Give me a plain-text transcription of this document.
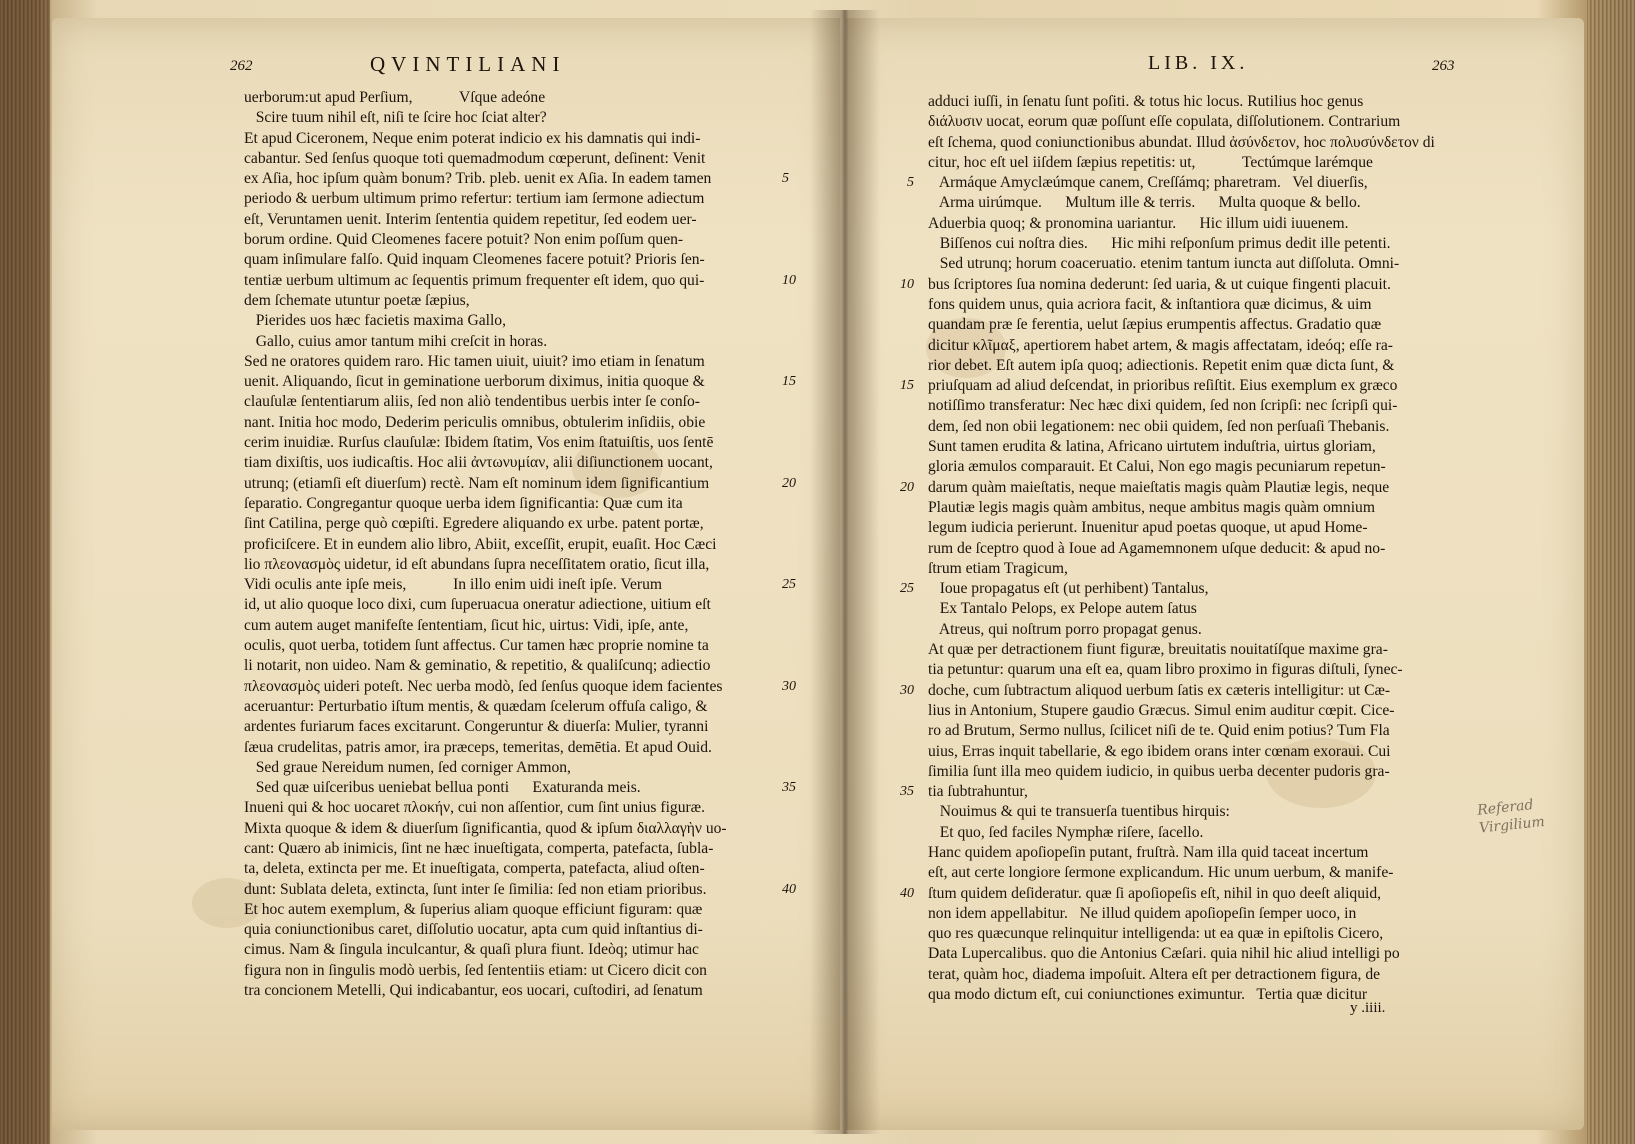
262	QVINTILIANI	LIB. IX.	263
uerborum:ut apud Perſium,            Vſque adeóne
Scire tuum nihil eſt, niſi te ſcire hoc ſciat alter?
Et apud Ciceronem, Neque enim poterat indicio ex his damnatis qui indi-
cabantur. Sed ſenſus quoque toti quemadmodum cœperunt, deſinent: Venit
ex Aſia, hoc ipſum quàm bonum? Trib. pleb. uenit ex Aſia. In eadem tamen	5
periodo & uerbum ultimum primo refertur: tertium iam ſermone adiectum
eſt, Veruntamen uenit. Interim ſententia quidem repetitur, ſed eodem uer-
borum ordine. Quid Cleomenes facere potuit? Non enim poſſum quen-
quam inſimulare falſo. Quid inquam Cleomenes facere potuit? Prioris ſen-
tentiæ uerbum ultimum ac ſequentis primum frequenter eſt idem, quo qui-	10
dem ſchemate utuntur poetæ ſæpius,
Pierides uos hæc facietis maxima Gallo,
Gallo, cuius amor tantum mihi creſcit in horas.
Sed ne oratores quidem raro. Hic tamen uiuit, uiuit? imo etiam in ſenatum
uenit. Aliquando, ſicut in geminatione uerborum diximus, initia quoque &	15
clauſulæ ſententiarum aliis, ſed non aliò tendentibus uerbis inter ſe conſo-
nant. Initia hoc modo, Dederim periculis omnibus, obtulerim inſidiis, obie
cerim inuidiæ. Rurſus clauſulæ: Ibidem ſtatim, Vos enim ſtatuiſtis, uos ſentē
tiam dixiſtis, uos iudicaſtis. Hoc alii ἀντωνυμίαν, alii diſiunctionem uocant,
utrunq; (etiamſi eſt diuerſum) rectè. Nam eſt nominum idem ſignificantium	20
ſeparatio. Congregantur quoque uerba idem ſignificantia: Quæ cum ita
ſint Catilina, perge quò cœpiſti. Egredere aliquando ex urbe. patent portæ,
proficiſcere. Et in eundem alio libro, Abiit, exceſſit, erupit, euaſit. Hoc Cæci
lio πλεονασμὸς uidetur, id eſt abundans ſupra neceſſitatem oratio, ſicut illa,
Vidi oculis ante ipſe meis,            In illo enim uidi ineſt ipſe. Verum	25
id, ut alio quoque loco dixi, cum ſuperuacua oneratur adiectione, uitium eſt
cum autem auget manifeſte ſententiam, ſicut hic, uirtus: Vidi, ipſe, ante,
oculis, quot uerba, totidem ſunt affectus. Cur tamen hæc proprie nomine ta
li notarit, non uideo. Nam & geminatio, & repetitio, & qualiſcunq; adiectio
πλεονασμὸς uideri poteſt. Nec uerba modò, ſed ſenſus quoque idem facientes	30
aceruantur: Perturbatio iſtum mentis, & quædam ſcelerum offuſa caligo, &
ardentes furiarum faces excitarunt. Congeruntur & diuerſa: Mulier, tyranni
ſæua crudelitas, patris amor, ira præceps, temeritas, demētia. Et apud Ouid.
Sed graue Nereidum numen, ſed corniger Ammon,
Sed quæ uiſceribus ueniebat bellua ponti      Exaturanda meis.	35
Inueni qui & hoc uocaret πλοκήν, cui non aſſentior, cum ſint unius figuræ.
Mixta quoque & idem & diuerſum ſignificantia, quod & ipſum διαλλαγὴν uo-
cant: Quæro ab inimicis, ſint ne hæc inueſtigata, comperta, patefacta, ſubla-
ta, deleta, extincta per me. Et inueſtigata, comperta, patefacta, aliud oſten-
dunt: Sublata deleta, extincta, ſunt inter ſe ſimilia: ſed non etiam prioribus.	40
Et hoc autem exemplum, & ſuperius aliam quoque efficiunt figuram: quæ
quia coniunctionibus caret, diſſolutio uocatur, apta cum quid inſtantius di-
cimus. Nam & ſingula inculcantur, & quaſi plura fiunt. Ideòq; utimur hac
figura non in ſingulis modò uerbis, ſed ſententiis etiam: ut Cicero dicit con
tra concionem Metelli, Qui indicabantur, eos uocari, cuſtodiri, ad ſenatum
adduci iuſſi, in ſenatu ſunt poſiti. & totus hic locus. Rutilius hoc genus
διάλυσιν uocat, eorum quæ poſſunt eſſe copulata, diſſolutionem. Contrarium
eſt ſchema, quod coniunctionibus abundat. Illud ἀσύνδετον, hoc πολυσύνδετον di
citur, hoc eſt uel iiſdem ſæpius repetitis: ut,            Tectúmque larémque
Armáque Amyclæúmque canem, Creſſámq; pharetram.   Vel diuerſis,
5
Arma uirúmque.      Multum ille & terris.      Multa quoque & bello.
Aduerbia quoq; & pronomina uariantur.      Hic illum uidi iuuenem.
Biſſenos cui noſtra dies.      Hic mihi reſponſum primus dedit ille petenti.
Sed utrunq; horum coaceruatio. etenim tantum iuncta aut diſſoluta. Omni-
bus ſcriptores ſua nomina dederunt: ſed uaria, & ut cuique fingenti placuit.
10
fons quidem unus, quia acriora facit, & inſtantiora quæ dicimus, & uim
quandam præ ſe ferentia, uelut ſæpius erumpentis affectus. Gradatio quæ
dicitur κλῖμαξ, apertiorem habet artem, & magis affectatam, ideóq; eſſe ra-
rior debet. Eſt autem ipſa quoq; adiectionis. Repetit enim quæ dicta ſunt, &
priuſquam ad aliud deſcendat, in prioribus reſiſtit. Eius exemplum ex græco
15
notiſſimo transferatur: Nec hæc dixi quidem, ſed non ſcripſi: nec ſcripſi qui-
dem, ſed non obii legationem: nec obii quidem, ſed non perſuaſi Thebanis.
Sunt tamen erudita & latina, Africano uirtutem induſtria, uirtus gloriam,
gloria æmulos comparauit. Et Calui, Non ego magis pecuniarum repetun-
darum quàm maieſtatis, neque maieſtatis magis quàm Plautiæ legis, neque
20
Plautiæ legis magis quàm ambitus, neque ambitus magis quàm omnium
legum iudicia perierunt. Inuenitur apud poetas quoque, ut apud Home-
rum de ſceptro quod à Ioue ad Agamemnonem uſque deducit: & apud no-
ſtrum etiam Tragicum,
Ioue propagatus eſt (ut perhibent) Tantalus,
25
Ex Tantalo Pelops, ex Pelope autem ſatus
Atreus, qui noſtrum porro propagat genus.
At quæ per detractionem fiunt figuræ, breuitatis nouitatíſque maxime gra-
tia petuntur: quarum una eſt ea, quam libro proximo in figuras diſtuli, ſynec-
doche, cum ſubtractum aliquod uerbum ſatis ex cæteris intelligitur: ut Cæ-
30
lius in Antonium, Stupere gaudio Græcus. Simul enim auditur cœpit. Cice-
ro ad Brutum, Sermo nullus, ſcilicet niſi de te. Quid enim potius? Tum Fla
uius, Erras inquit tabellarie, & ego ibidem orans inter cœnam exoraui. Cui
ſimilia ſunt illa meo quidem iudicio, in quibus uerba decenter pudoris gra-
tia ſubtrahuntur,
35
Nouimus & qui te transuerſa tuentibus hirquis:
Et quo, ſed faciles Nymphæ riſere, ſacello.
Hanc quidem apoſiopeſin putant, fruſtrà. Nam illa quid taceat incertum
eſt, aut certe longiore ſermone explicandum. Hic unum uerbum, & manife-
ſtum quidem deſideratur. quæ ſi apoſiopeſis eſt, nihil in quo deeſt aliquid,
40
non idem appellabitur.   Ne illud quidem apoſiopeſin ſemper uoco, in
quo res quæcunque relinquitur intelligenda: ut ea quæ in epiſtolis Cicero,
Data Lupercalibus. quo die Antonius Cæſari. quia nihil hic aliud intelligi po
terat, quàm hoc, diadema impoſuit. Altera eſt per detractionem figura, de
qua modo dictum eſt, cui coniunctiones eximuntur.   Tertia quæ dicitur
y .iiii.
Referad Virgilium
